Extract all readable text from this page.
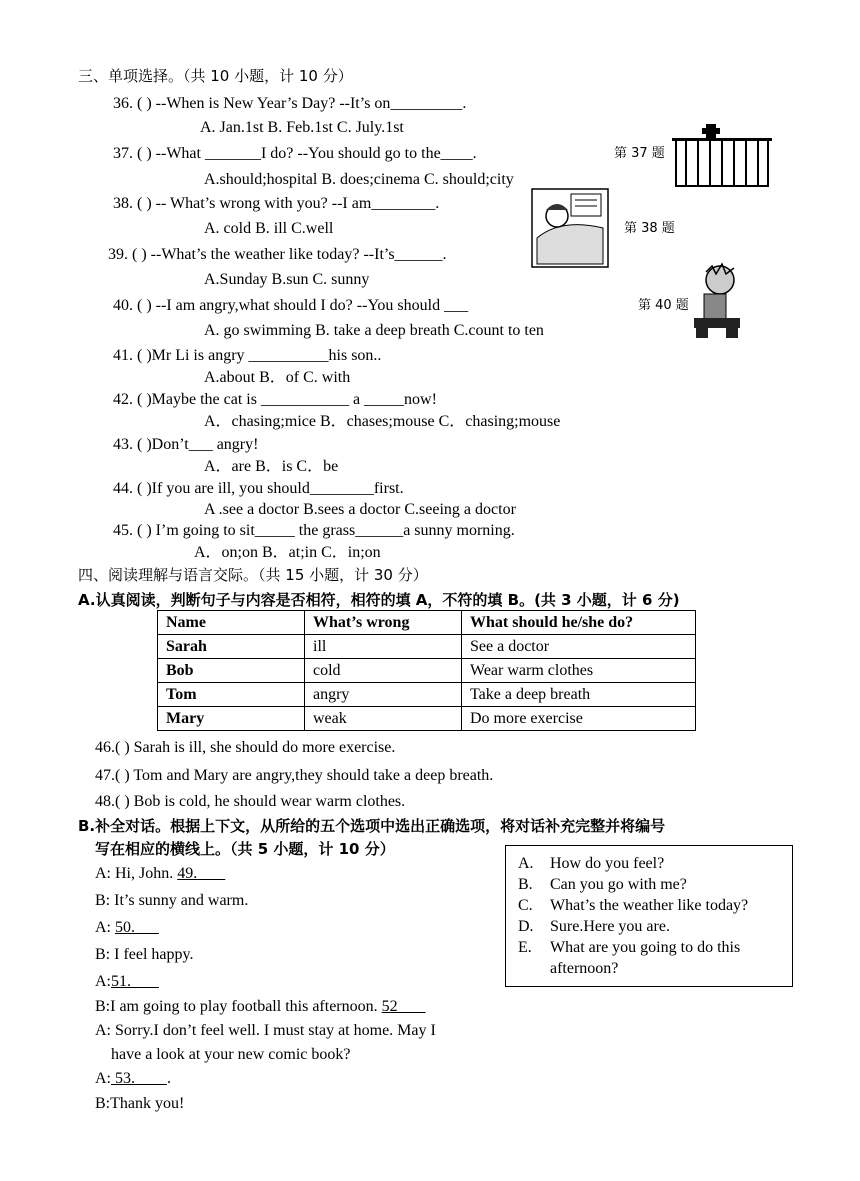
三、单项选择。（共 10 小题，计 10 分）
36. ( ) --When is New Year’s Day? --It’s on_________.
A. Jan.1st B. Feb.1st C. July.1st
37. ( ) --What _______I do? --You should go to the____.	第 37 题
A.should;hospital B. does;cinema C. should;city
38. ( ) -- What’s wrong with you? --I am________.
第 38 题
A. cold B. ill C.well
39. ( ) --What’s the weather like today? --It’s______.
A.Sunday B.sun C. sunny
40. ( ) --I am angry,what should I do? --You should ___	第 40 题
A. go swimming B. take a deep breath C.count to ten
41. ( )Mr Li is angry __________his son..
A.about B．of C. with
42. ( )Maybe the cat is ___________ a _____now!
A．chasing;mice B．chases;mouse C．chasing;mouse
43. ( )Don’t___ angry!
A．are B．is C．be
44. ( )If you are ill, you should________first.
A .see a doctor B.sees a doctor C.seeing a doctor
45. ( ) I’m going to sit_____ the grass______a sunny morning.
A．on;on B．at;in C．in;on
四、阅读理解与语言交际。（共 15 小题，计 30 分）
A.认真阅读，判断句子与内容是否相符，相符的填 A，不符的填 B。(共 3 小题，计 6 分)
Name	What’s wrong	What should he/she do?
Sarah	ill	See a doctor
Bob	cold	Wear warm clothes
Tom	angry	Take a deep breath
Mary	weak	Do more exercise
46.( ) Sarah is ill, she should do more exercise.
47.( ) Tom and Mary are angry,they should take a deep breath.
48.( ) Bob is cold, he should wear warm clothes.
B.补全对话。根据上下文，从所给的五个选项中选出正确选项，将对话补充完整并将编号
写在相应的横线上。（共 5 小题，计 10 分）
A: Hi, John. 49.
B: It’s sunny and warm.
A: 50.
B: I feel happy.
A:51.
B:I am going to play football this afternoon. 52
A: Sorry.I don’t feel well. I must stay at home. May I
have a look at your new comic book?
A: 53.        .
B:Thank you!
A. How do you feel?
B. Can you go with me?
C. What’s the weather like today?
D. Sure.Here you are.
E. What are you going to do this
afternoon?
